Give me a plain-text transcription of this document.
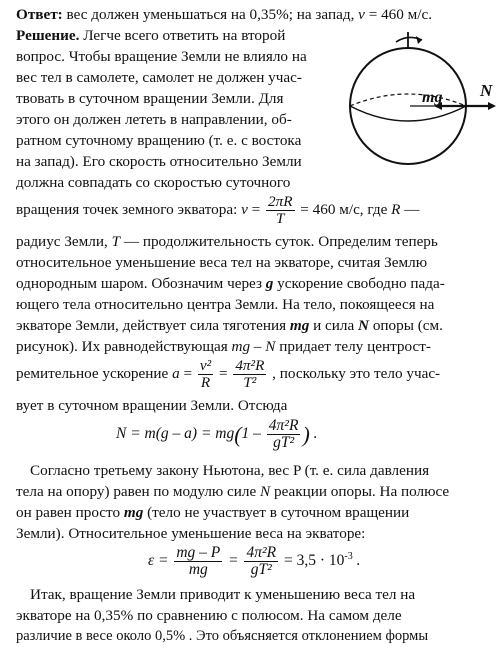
Ответ: вес должен уменьшаться на 0,35%; на запад, v = 460 м/с.
Решение. Легче всего ответить на второй
вопрос. Чтобы вращение Земли не влияло на
вес тел в самолете, самолет не должен учас-
твовать в суточном вращении Земли. Для
этого он должен лететь в направлении, об-
ратном суточному вращению (т. е. с востока
на запад). Его скорость относительно Земли
должна совпадать со скоростью суточного
вращения точек земного экватора: $v = \frac{2\pi R}{T} = 460$ м/с, где R —
радиус Земли, T — продолжительность суток. Определим теперь
относительное уменьшение веса тел на экваторе, считая Землю
однородным шаром. Обозначим через g ускорение свободно пада-
ющего тела относительно центра Земли. На тело, покоящееся на
экваторе Земли, действует сила тяготения mg и сила N опоры (см.
рисунок). Их равнодействующая mg – N придает телу центрост-
ремительное ускорение $a = \frac{\text{v²}}{R} = \frac{\text{4π²R}}{\text{T²}}$ , поскольку это тело учас-
вует в суточном вращении Земли. Отсюда
$N = m(g - a) = mg(1 - \frac{\text{4π²R}}{\text{gT²}}$ ) .
Согласно третьему закону Ньютона, вес P (т. е. сила давления
тела на опору) равен по модулю силе N реакции опоры. На полюсе
он равен просто mg (тело не участвует в суточном вращении
Земли). Относительное уменьшение веса на экваторе:
$\varepsilon = \frac{mg - P}{mg} = \frac{\text{4π²R}}{\text{gT²}} = 3,5 \cdot 10^{-3}$ .
Итак, вращение Земли приводит к уменьшению веса тел на
экваторе на 0,35% по сравнению с полюсом. На самом деле
различие в весе около 0,5% . Это объясняется отклонением формы
mg N
